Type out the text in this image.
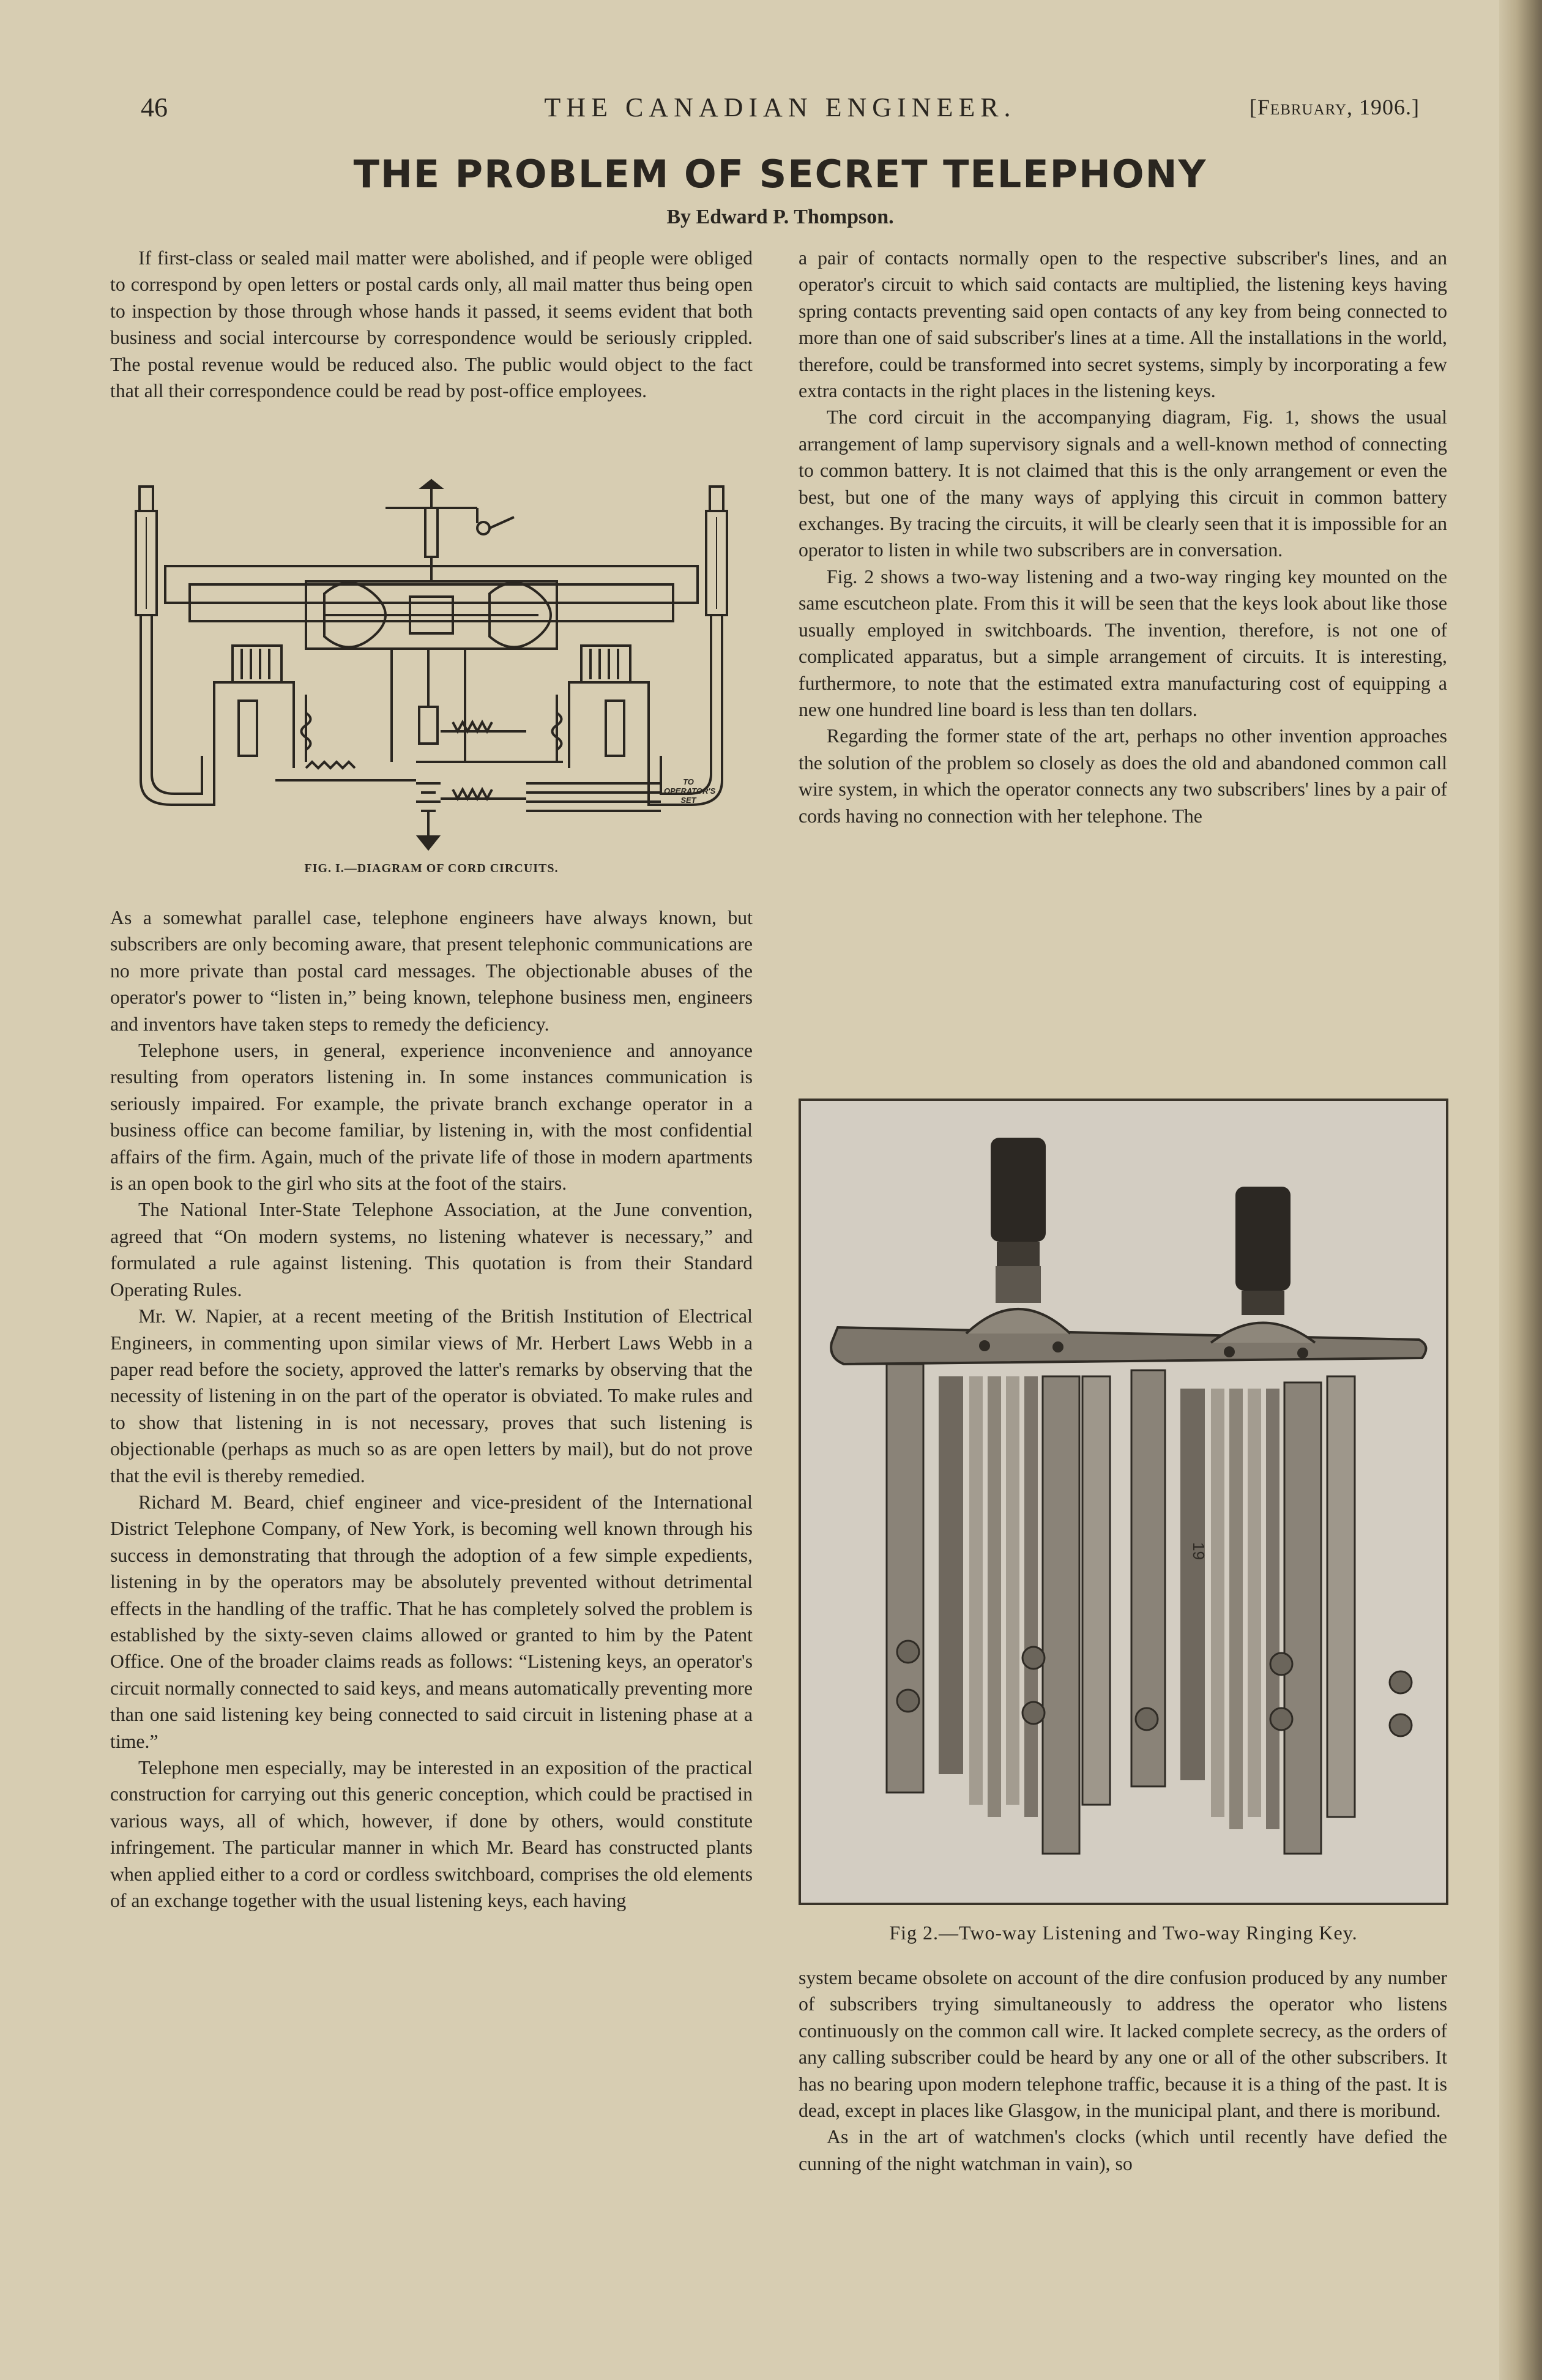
46	THE CANADIAN ENGINEER.	[February, 1906.]
THE PROBLEM OF SECRET TELEPHONY
By Edward P. Thompson.

If first-class or sealed mail matter were abolished, and if people were obliged to correspond by open letters or postal cards only, all mail matter thus being open to inspection by those through whose hands it passed, it seems evident that both business and social intercourse by correspondence would be seriously crippled. The postal revenue would be reduced also. The public would object to the fact that all their correspondence could be read by post-office employees.

TO OPERATOR'S SET
FIG. I.—DIAGRAM OF CORD CIRCUITS.

As a somewhat parallel case, telephone engineers have always known, but subscribers are only becoming aware, that present telephonic communications are no more private than postal card messages. The objectionable abuses of the operator's power to “listen in,” being known, telephone business men, engineers and inventors have taken steps to remedy the deficiency.

Telephone users, in general, experience inconvenience and annoyance resulting from operators listening in. In some instances communication is seriously impaired. For example, the private branch exchange operator in a business office can become familiar, by listening in, with the most confidential affairs of the firm. Again, much of the private life of those in modern apartments is an open book to the girl who sits at the foot of the stairs.

The National Inter-State Telephone Association, at the June convention, agreed that “On modern systems, no listening whatever is necessary,” and formulated a rule against listening. This quotation is from their Standard Operating Rules.

Mr. W. Napier, at a recent meeting of the British Institution of Electrical Engineers, in commenting upon similar views of Mr. Herbert Laws Webb in a paper read before the society, approved the latter's remarks by observing that the necessity of listening in on the part of the operator is obviated. To make rules and to show that listening in is not necessary, proves that such listening is objectionable (perhaps as much so as are open letters by mail), but do not prove that the evil is thereby remedied.

Richard M. Beard, chief engineer and vice-president of the International District Telephone Company, of New York, is becoming well known through his success in demonstrating that through the adoption of a few simple expedients, listening in by the operators may be absolutely prevented without detrimental effects in the handling of the traffic. That he has completely solved the problem is established by the sixty-seven claims allowed or granted to him by the Patent Office. One of the broader claims reads as follows: “Listening keys, an operator's circuit normally connected to said keys, and means automatically preventing more than one said listening key being connected to said circuit in listening phase at a time.”

Telephone men especially, may be interested in an exposition of the practical construction for carrying out this generic conception, which could be practised in various ways, all of which, however, if done by others, would constitute infringement. The particular manner in which Mr. Beard has constructed plants when applied either to a cord or cordless switchboard, comprises the old elements of an exchange together with the usual listening keys, each having

a pair of contacts normally open to the respective subscriber's lines, and an operator's circuit to which said contacts are multiplied, the listening keys having spring contacts preventing said open contacts of any key from being connected to more than one of said subscriber's lines at a time. All the installations in the world, therefore, could be transformed into secret systems, simply by incorporating a few extra contacts in the right places in the listening keys.

The cord circuit in the accompanying diagram, Fig. 1, shows the usual arrangement of lamp supervisory signals and a well-known method of connecting to common battery. It is not claimed that this is the only arrangement or even the best, but one of the many ways of applying this circuit in common battery exchanges. By tracing the circuits, it will be clearly seen that it is impossible for an operator to listen in while two subscribers are in conversation.

Fig. 2 shows a two-way listening and a two-way ringing key mounted on the same escutcheon plate. From this it will be seen that the keys look about like those usually employed in switchboards. The invention, therefore, is not one of complicated apparatus, but a simple arrangement of circuits. It is interesting, furthermore, to note that the estimated extra manufacturing cost of equipping a new one hundred line board is less than ten dollars.

Regarding the former state of the art, perhaps no other invention approaches the solution of the problem so closely as does the old and abandoned common call wire system, in which the operator connects any two subscribers' lines by a pair of cords having no connection with her telephone. The

19
Fig 2.—Two-way Listening and Two-way Ringing Key.

system became obsolete on account of the dire confusion produced by any number of subscribers trying simultaneously to address the operator who listens continuously on the common call wire. It lacked complete secrecy, as the orders of any calling subscriber could be heard by any one or all of the other subscribers. It has no bearing upon modern telephone traffic, because it is a thing of the past. It is dead, except in places like Glasgow, in the municipal plant, and there is moribund.

As in the art of watchmen's clocks (which until recently have defied the cunning of the night watchman in vain), so
